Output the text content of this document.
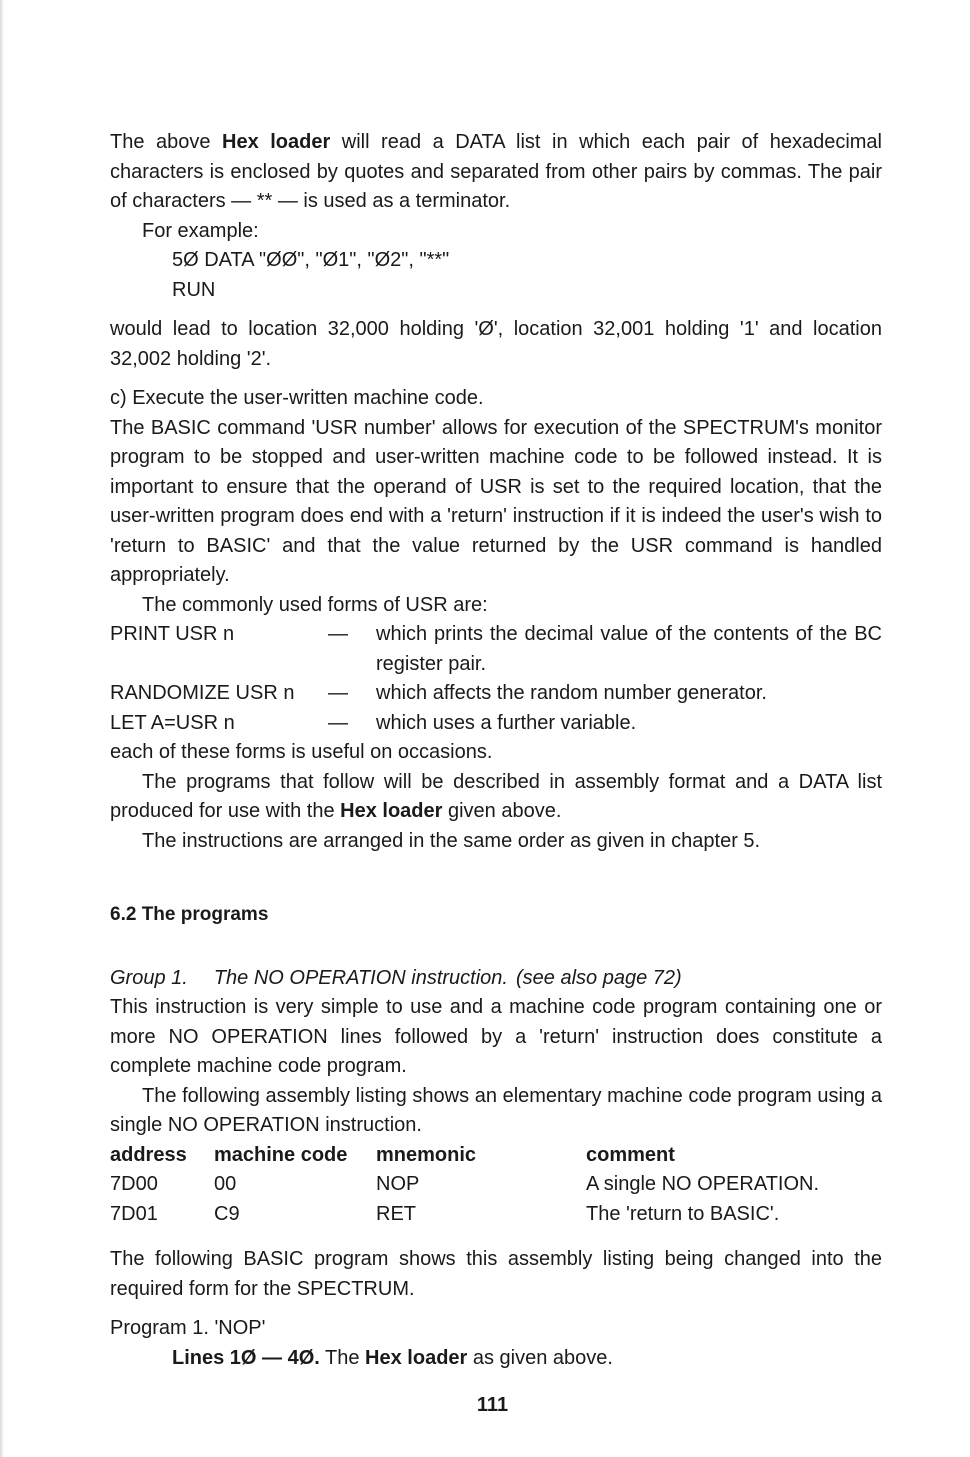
The above Hex loader will read a DATA list in which each pair of hexadecimal characters is enclosed by quotes and separated from other pairs by commas. The pair of characters — ** — is used as a terminator.

For example:

5Ø DATA "ØØ", "Ø1", "Ø2", "**"

RUN

would lead to location 32,000 holding 'Ø', location 32,001 holding '1' and location 32,002 holding '2'.

c) Execute the user-written machine code.

The BASIC command 'USR number' allows for execution of the SPECTRUM's monitor program to be stopped and user-written machine code to be followed instead. It is important to ensure that the operand of USR is set to the required location, that the user-written program does end with a 'return' instruction if it is indeed the user's wish to 'return to BASIC' and that the value returned by the USR command is handled appropriately.

The commonly used forms of USR are:

PRINT USR n	—	which prints the decimal value of the contents of the BC register pair.
RANDOMIZE USR n	—	which affects the random number generator.
LET A=USR n	—	which uses a further variable.

each of these forms is useful on occasions.

The programs that follow will be described in assembly format and a DATA list produced for use with the Hex loader given above.

The instructions are arranged in the same order as given in chapter 5.

6.2 The programs

Group 1. The NO OPERATION instruction. (see also page 72)

This instruction is very simple to use and a machine code program containing one or more NO OPERATION lines followed by a 'return' instruction does constitute a complete machine code program.

The following assembly listing shows an elementary machine code program using a single NO OPERATION instruction.

address	machine code	mnemonic	comment
7D00	00	NOP	A single NO OPERATION.
7D01	C9	RET	The 'return to BASIC'.

The following BASIC program shows this assembly listing being changed into the required form for the SPECTRUM.

Program 1. 'NOP'

Lines 1Ø — 4Ø. The Hex loader as given above.

111
